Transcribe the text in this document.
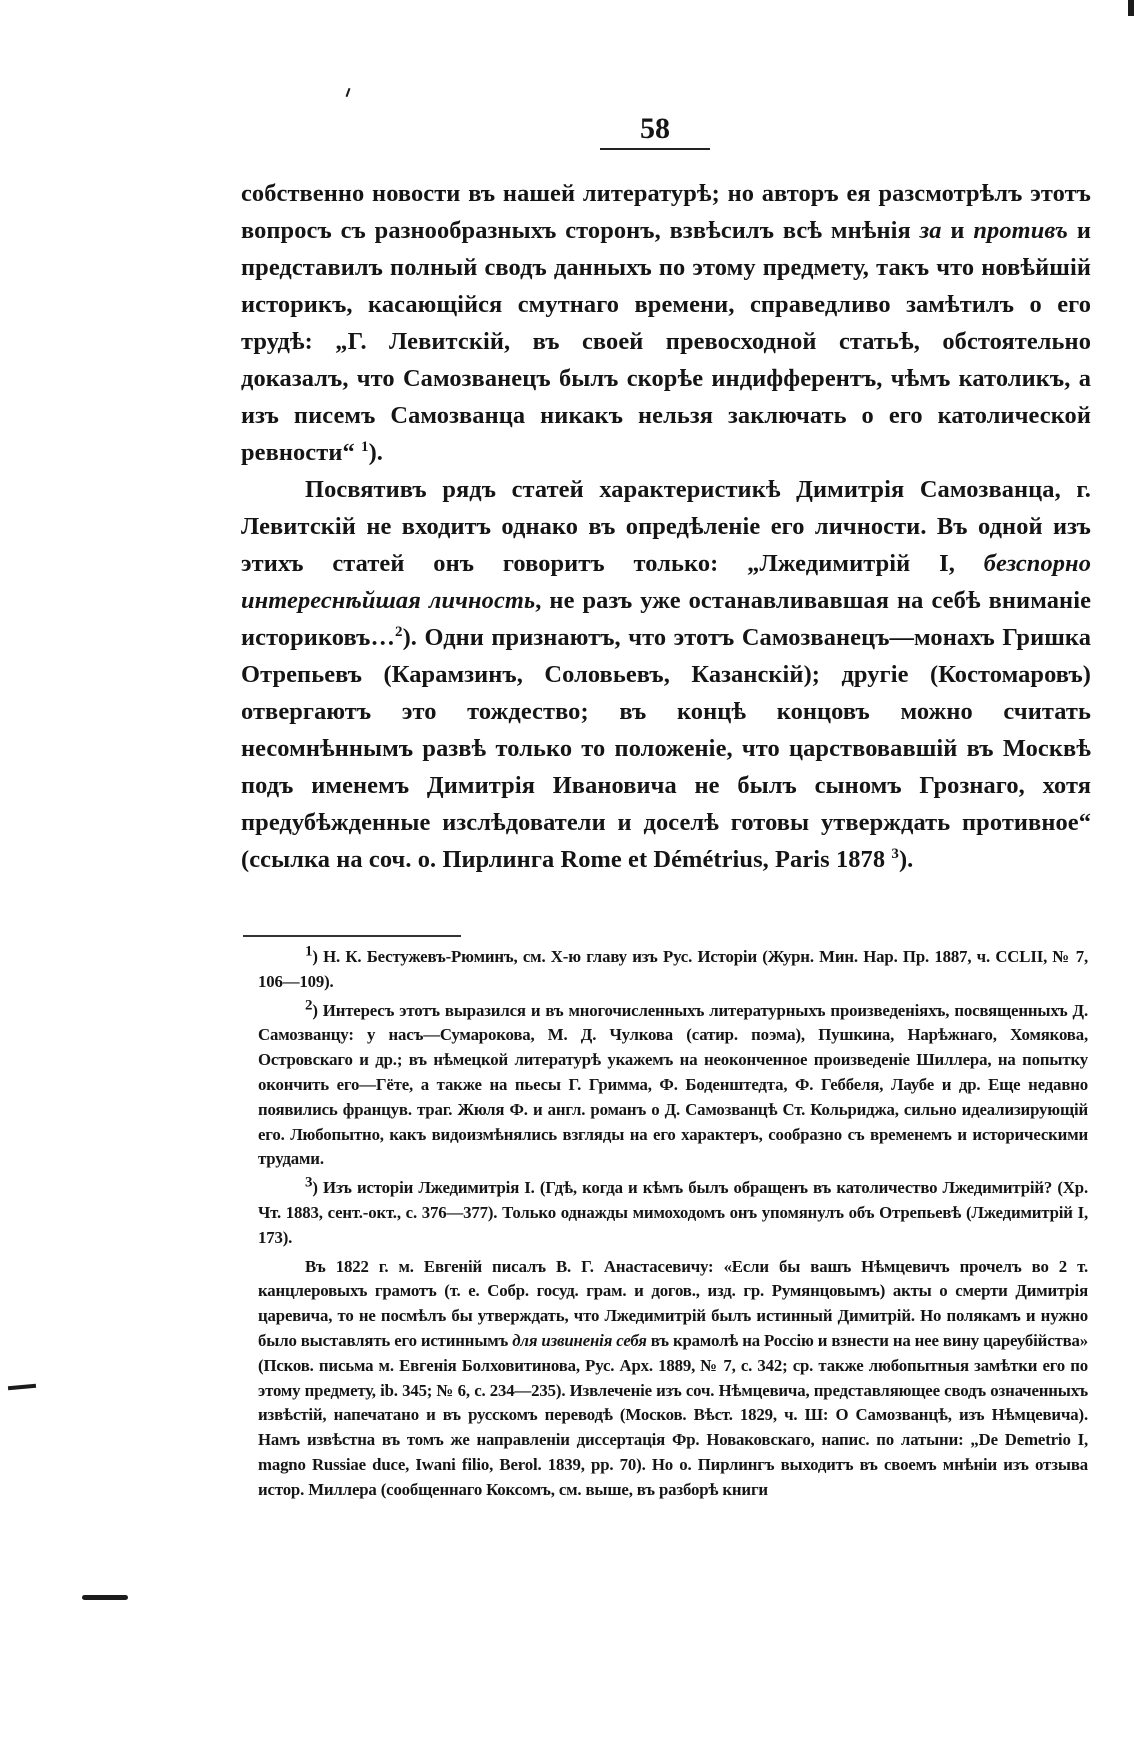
58

собственно новости въ нашей литературѣ; но авторъ ея разсмотрѣлъ этотъ вопросъ съ разнообразныхъ сторонъ, взвѣсилъ всѣ мнѣнія за и противъ и представилъ полный сводъ данныхъ по этому предмету, такъ что новѣйшій историкъ, касающійся смутнаго времени, справедливо замѣтилъ о его трудѣ: „Г. Левитскій, въ своей превосходной статьѣ, обстоятельно доказалъ, что Самозванецъ былъ скорѣе индифферентъ, чѣмъ католикъ, а изъ писемъ Самозванца никакъ нельзя заключать о его католической ревности“ $^1$).

Посвятивъ рядъ статей характеристикѣ Димитрія Самозванца, г. Левитскій не входитъ однако въ опредѣленіе его личности. Въ одной изъ этихъ статей онъ говоритъ только: „Лжедимитрій I, безспорно интереснѣйшая личность, не разъ уже останавливавшая на себѣ вниманіе историковъ…$^2$). Одни признаютъ, что этотъ Самозванецъ—монахъ Гришка Отрепьевъ (Карамзинъ, Соловьевъ, Казанскій); другіе (Костомаровъ) отвергаютъ это тождество; въ концѣ концовъ можно считать несомнѣннымъ развѣ только то положеніе, что царствовавшій въ Москвѣ подъ именемъ Димитрія Ивановича не былъ сыномъ Грознаго, хотя предубѣжденные изслѣдователи и доселѣ готовы утверждать противное“ (ссылка на соч. о. Пирлинга Rome et Démétrius, Paris 1878 $^3$).

1) Н. К. Бестужевъ-Рюминъ, см. Х-ю главу изъ Рус. Исторіи (Журн. Мин. Нар. Пр. 1887, ч. CCLII, № 7, 106—109).

2) Интересъ этотъ выразился и въ многочисленныхъ литературныхъ произведеніяхъ, посвященныхъ Д. Самозванцу: у насъ—Сумарокова, М. Д. Чулкова (сатир. поэма), Пушкина, Нарѣжнаго, Хомякова, Островскаго и др.; въ нѣмецкой литературѣ укажемъ на неоконченное произведеніе Шиллера, на попытку окончить его—Гёте, а также на пьесы Г. Гримма, Ф. Боденштедта, Ф. Геббеля, Лаубе и др. Еще недавно появились францув. траг. Жюля Ф. и англ. романъ о Д. Самозванцѣ Ст. Кольриджа, сильно идеализирующій его. Любопытно, какъ видоизмѣнялись взгляды на его характеръ, сообразно съ временемъ и историческими трудами.

3) Изъ исторіи Лжедимитрія I. (Гдѣ, когда и кѣмъ былъ обращенъ въ католичество Лжедимитрій? (Хр. Чт. 1883, сент.-окт., с. 376—377). Только однажды мимоходомъ онъ упомянулъ объ Отрепьевѣ (Лжедимитрій I, 173).

Въ 1822 г. м. Евгеній писалъ В. Г. Анастасевичу: «Если бы вашъ Нѣмцевичъ прочелъ во 2 т. канцлеровыхъ грамотъ (т. е. Собр. госуд. грам. и догов., изд. гр. Румянцовымъ) акты о смерти Димитрія царевича, то не посмѣлъ бы утверждать, что Лжедимитрій былъ истинный Димитрій. Но полякамъ и нужно было выставлять его истиннымъ для извиненія себя въ крамолѣ на Россію и взнести на нее вину цареубійства» (Псков. письма м. Евгенія Болховитинова, Рус. Арх. 1889, № 7, с. 342; ср. также любопытныя замѣтки его по этому предмету, ib. 345; № 6, с. 234—235). Извлеченіе изъ соч. Нѣмцевича, представляющее сводъ означенныхъ извѣстій, напечатано и въ русскомъ переводѣ (Москов. Вѣст. 1829, ч. Ш: О Самозванцѣ, изъ Нѣмцевича). Намъ извѣстна въ томъ же направленіи диссертація Фр. Новаковскаго, напис. по латыни: „De Demetrio I, magno Russiae duce, Iwani filio, Berol. 1839, pp. 70). Но о. Пирлингъ выходитъ въ своемъ мнѣніи изъ отзыва истор. Миллера (сообщеннаго Коксомъ, см. выше, въ разборѣ книги
